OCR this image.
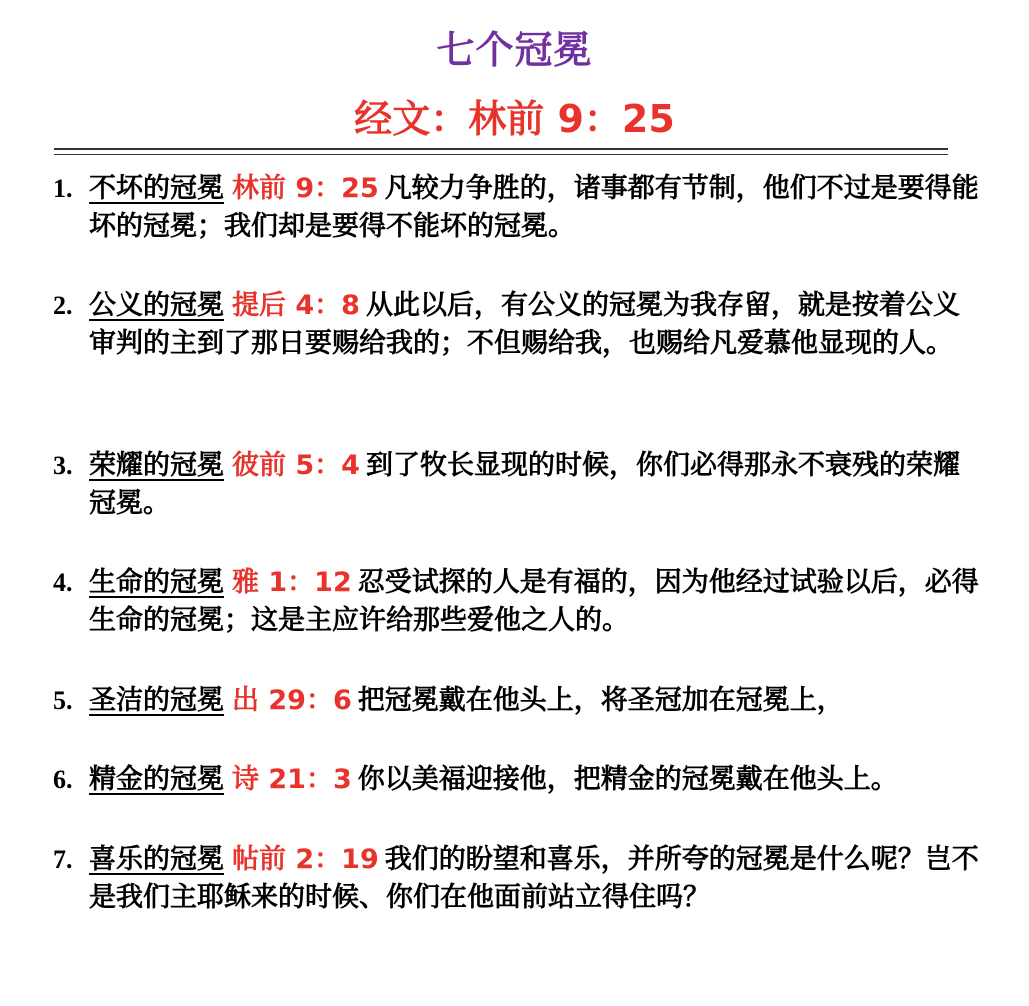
七个冠冕
经文：林前 9：25
1. 不坏的冠冕 林前 9：25 凡较力争胜的，诸事都有节制，他们不过是要得能坏的冠冕；我们却是要得不能坏的冠冕。
2. 公义的冠冕 提后 4：8 从此以后，有公义的冠冕为我存留，就是按着公义审判的主到了那日要赐给我的；不但赐给我，也赐给凡爱慕他显现的人。
3. 荣耀的冠冕 彼前 5：4 到了牧长显现的时候，你们必得那永不衰残的荣耀冠冕。
4. 生命的冠冕 雅 1：12 忍受试探的人是有福的，因为他经过试验以后，必得生命的冠冕；这是主应许给那些爱他之人的。
5. 圣洁的冠冕 出 29：6 把冠冕戴在他头上，将圣冠加在冠冕上，
6. 精金的冠冕 诗 21：3 你以美福迎接他，把精金的冠冕戴在他头上。
7. 喜乐的冠冕 帖前 2：19 我们的盼望和喜乐，并所夸的冠冕是什么呢？岂不是我们主耶稣来的时候、你们在他面前站立得住吗？
